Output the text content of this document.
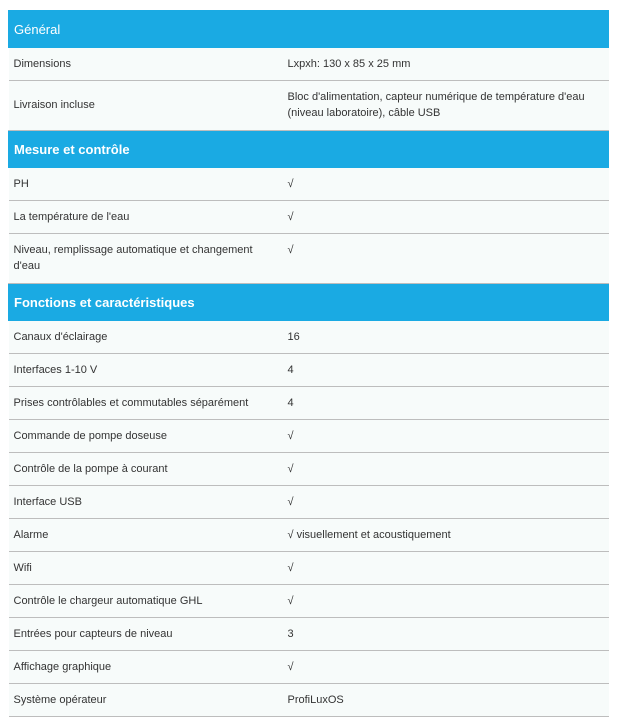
Général	
Dimensions	Lxpxh: 130 x 85 x 25 mm
Livraison incluse	Bloc d'alimentation, capteur numérique de température d'eau (niveau laboratoire), câble USB
Mesure et contrôle	
PH	√
La température de l'eau	√
Niveau, remplissage automatique et changement d'eau	√
Fonctions et caractéristiques	
Canaux d'éclairage	16
Interfaces 1-10 V	4
Prises contrôlables et commutables séparément	4
Commande de pompe doseuse	√
Contrôle de la pompe à courant	√
Interface USB	√
Alarme	√ visuellement et acoustiquement
Wifi	√
Contrôle le chargeur automatique GHL	√
Entrées pour capteurs de niveau	3
Affichage graphique	√
Système opérateur	ProfiLuxOS
